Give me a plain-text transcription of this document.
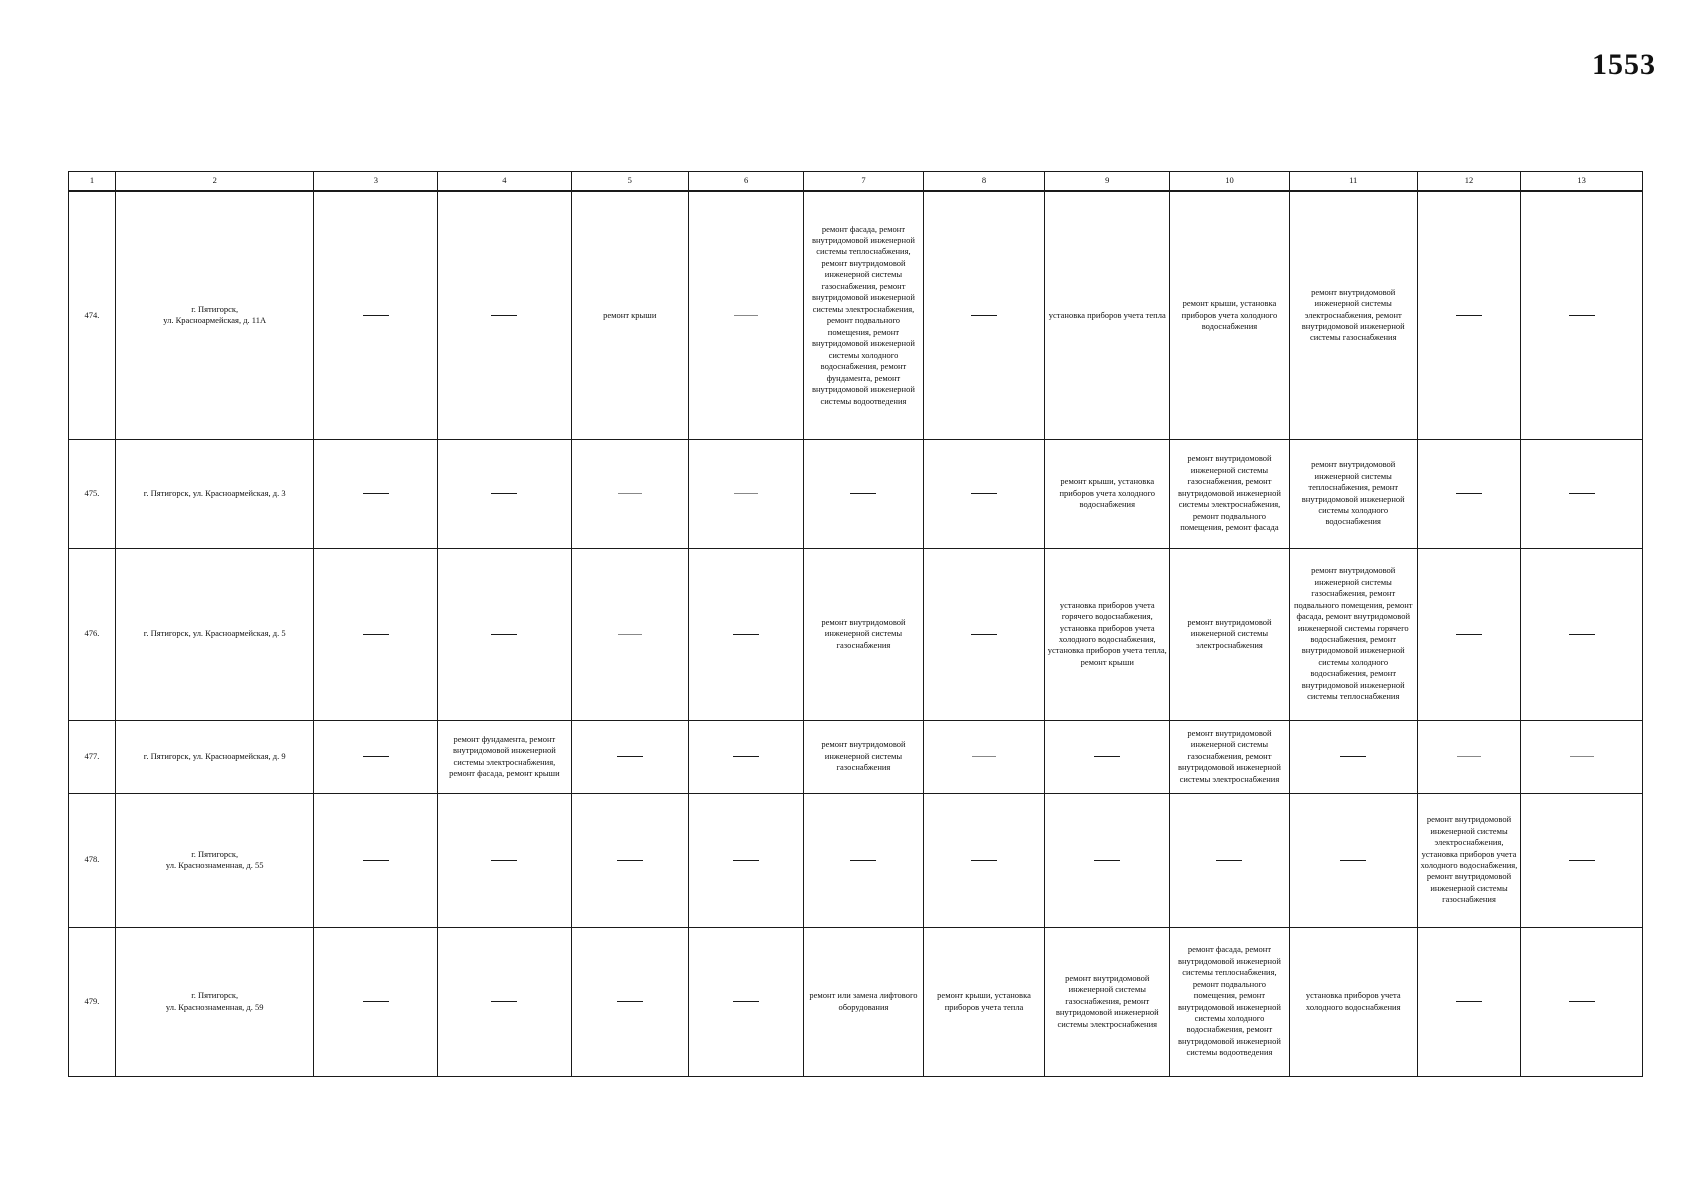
1553
1	2	3	4	5	6	7	8	9	10	11	12	13
474.	г. Пятигорск,
ул. Красноармейская, д. 11А			ремонт крыши		ремонт фасада, ремонт внутридомовой инженерной системы теплоснабжения, ремонт внутридомовой инженерной системы газоснабжения, ремонт внутридомовой инженерной системы электроснабжения, ремонт подвального помещения, ремонт внутридомовой инженерной системы холодного водоснабжения, ремонт фундамента, ремонт внутридомовой инженерной системы водоотведения		установка приборов учета тепла	ремонт крыши, установка приборов учета холодного водоснабжения	ремонт внутридомовой инженерной системы электроснабжения, ремонт внутридомовой инженерной системы газоснабжения		
475.	г. Пятигорск, ул. Красноармейская, д. 3							ремонт крыши, установка приборов учета холодного водоснабжения	ремонт внутридомовой инженерной системы газоснабжения, ремонт внутридомовой инженерной системы электроснабжения, ремонт подвального помещения, ремонт фасада	ремонт внутридомовой инженерной системы теплоснабжения, ремонт внутридомовой инженерной системы холодного водоснабжения		
476.	г. Пятигорск, ул. Красноармейская, д. 5					ремонт внутридомовой инженерной системы газоснабжения		установка приборов учета горячего водоснабжения, установка приборов учета холодного водоснабжения, установка приборов учета тепла, ремонт крыши	ремонт внутридомовой инженерной системы электроснабжения	ремонт внутридомовой инженерной системы газоснабжения, ремонт подвального помещения, ремонт фасада, ремонт внутридомовой инженерной системы горячего водоснабжения, ремонт внутридомовой инженерной системы холодного водоснабжения, ремонт внутридомовой инженерной системы теплоснабжения		
477.	г. Пятигорск, ул. Красноармейская, д. 9		ремонт фундамента, ремонт внутридомовой инженерной системы электроснабжения, ремонт фасада, ремонт крыши			ремонт внутридомовой инженерной системы газоснабжения			ремонт внутридомовой инженерной системы газоснабжения, ремонт внутридомовой инженерной системы электроснабжения			
478.	г. Пятигорск,
ул. Краснознаменная, д. 55										ремонт внутридомовой инженерной системы электроснабжения, установка приборов учета холодного водоснабжения, ремонт внутридомовой инженерной системы газоснабжения	
479.	г. Пятигорск,
ул. Краснознаменная, д. 59					ремонт или замена лифтового оборудования	ремонт крыши, установка приборов учета тепла	ремонт внутридомовой инженерной системы газоснабжения, ремонт внутридомовой инженерной системы электроснабжения	ремонт фасада, ремонт внутридомовой инженерной системы теплоснабжения, ремонт подвального помещения, ремонт внутридомовой инженерной системы холодного водоснабжения, ремонт внутридомовой инженерной системы водоотведения	установка приборов учета холодного водоснабжения		
